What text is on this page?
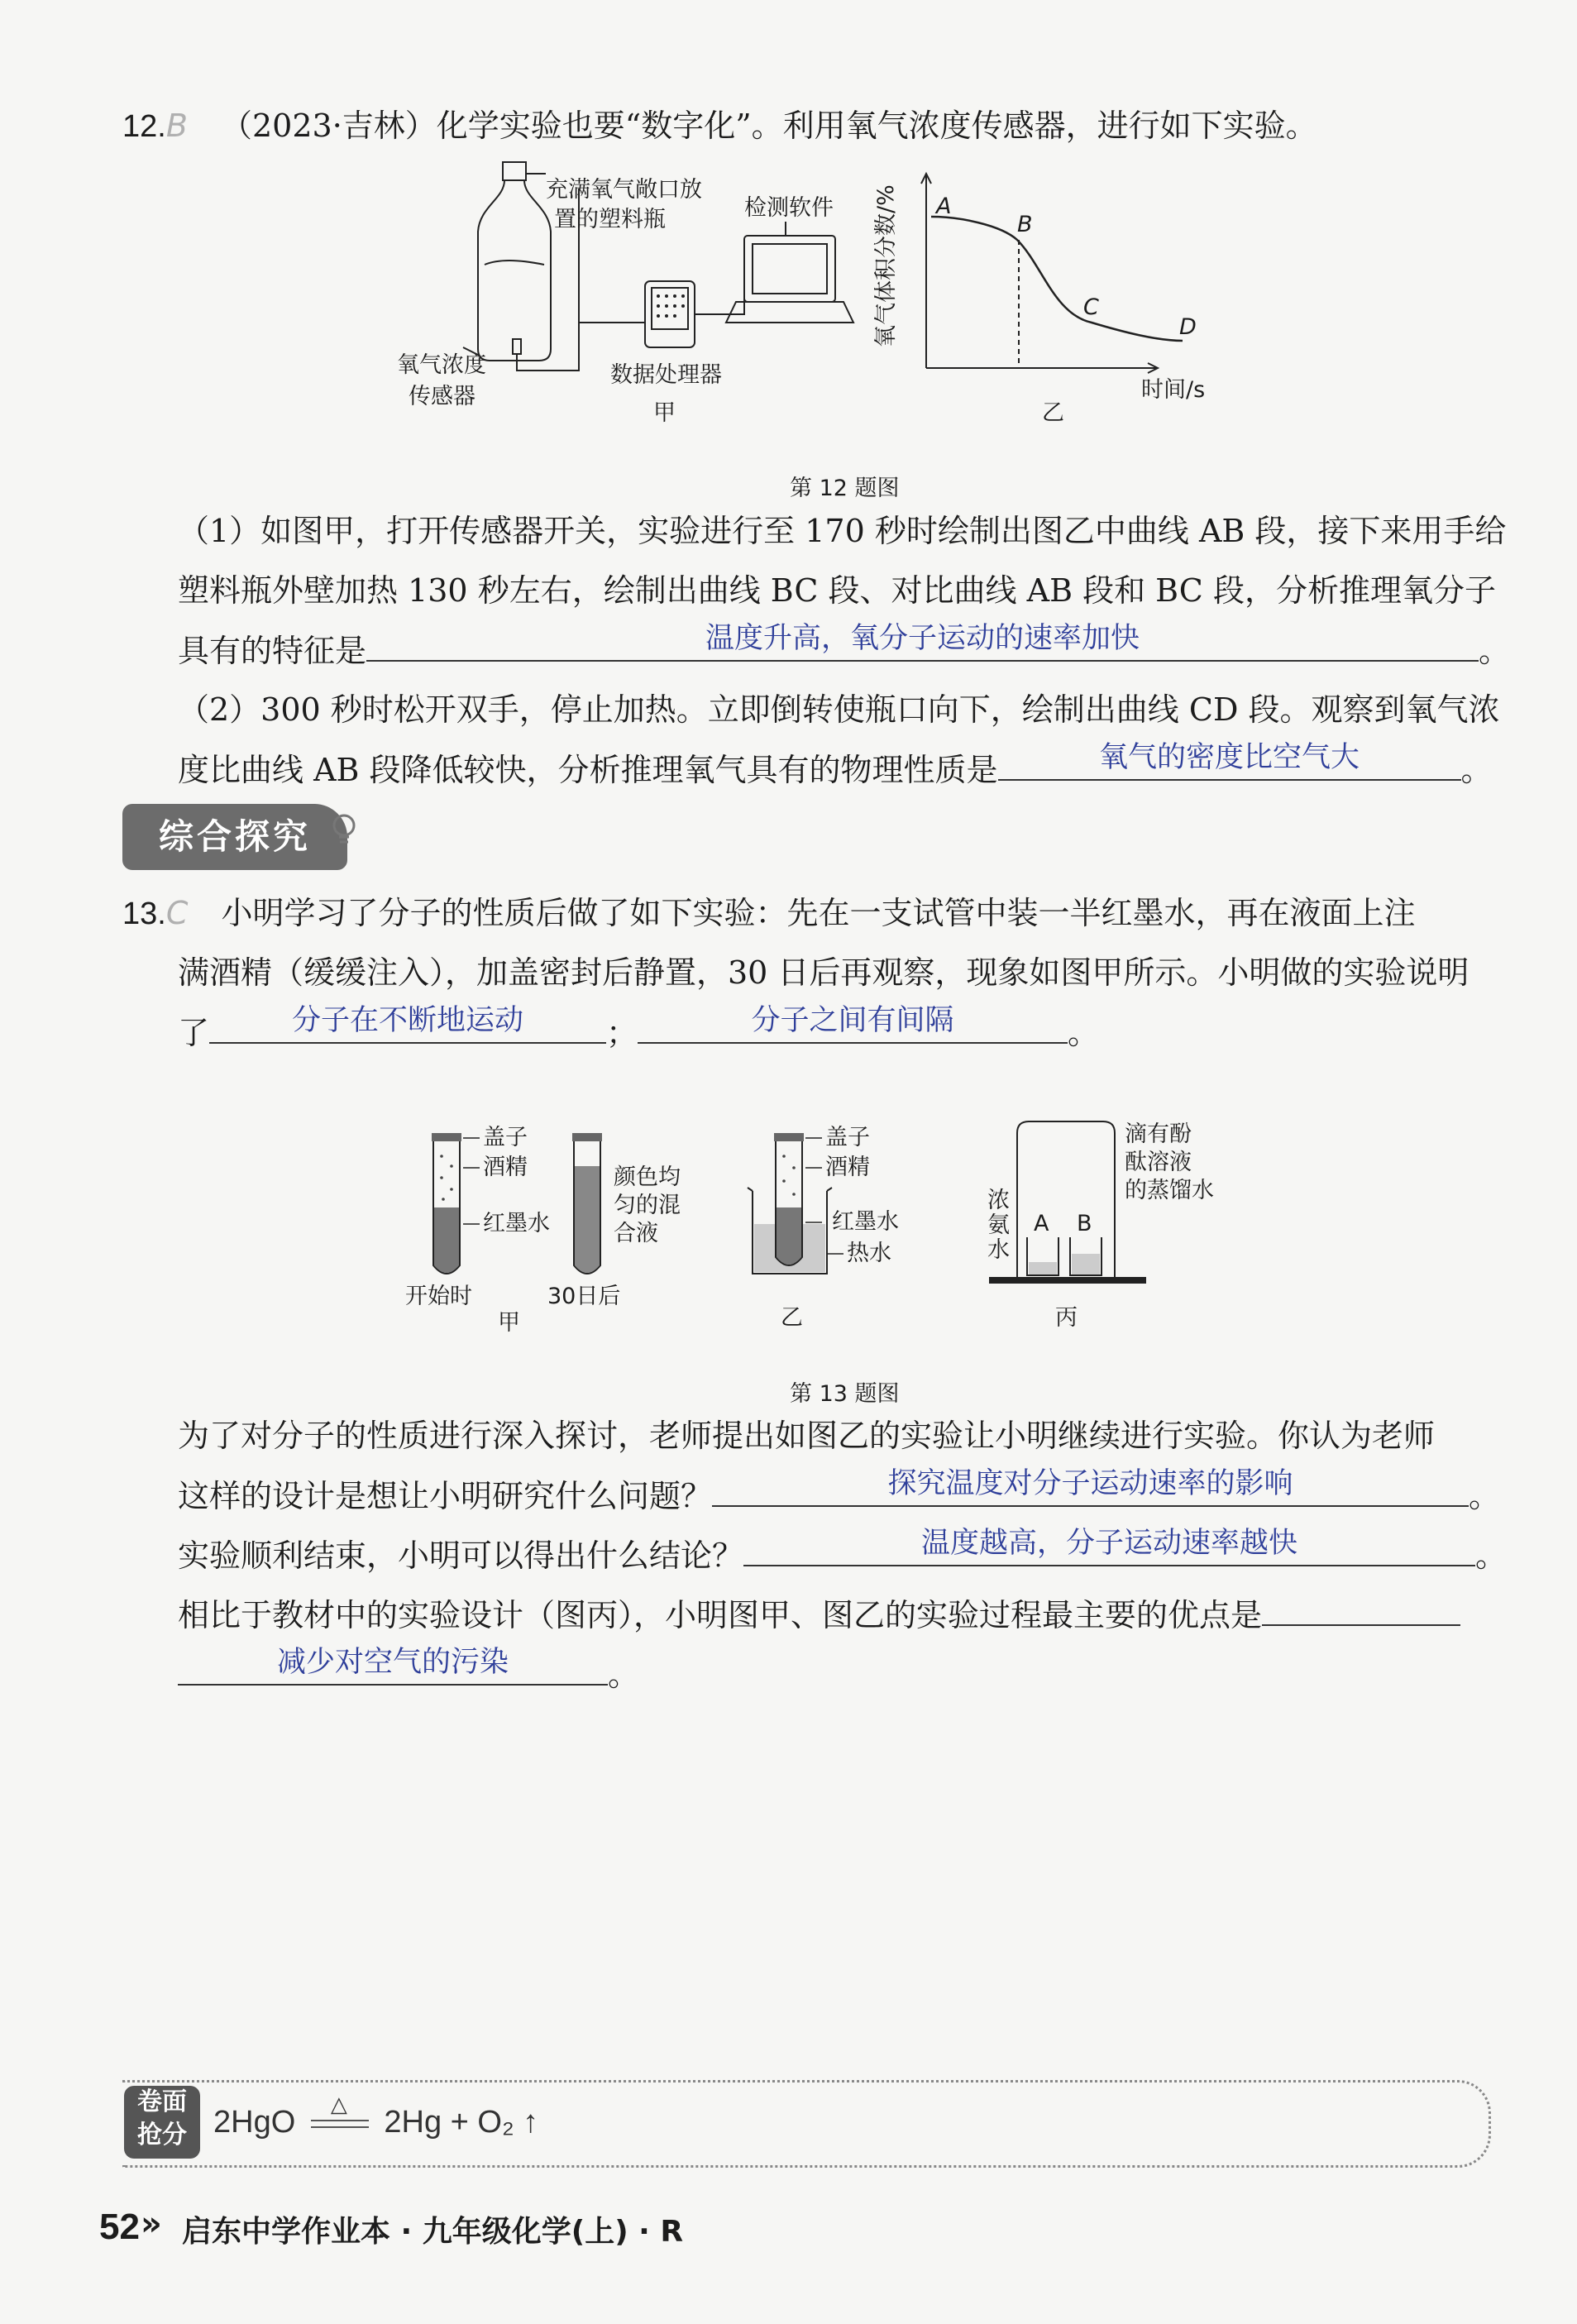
12.B （2023·吉林）化学实验也要“数字化”。利用氧气浓度传感器，进行如下实验。
充满氧气敞口放
置的塑料瓶
氧气浓度
传感器
数据处理器
甲
检测软件 氧气体积分数/%
时间/s
A
B
C
D
乙
第 12 题图
（1）如图甲，打开传感器开关，实验进行至 170 秒时绘制出图乙中曲线 AB 段，接下来用手给
塑料瓶外壁加热 130 秒左右，绘制出曲线 BC 段、对比曲线 AB 段和 BC 段，分析推理氧分子
具有的特征是	温度升高，氧分子运动的速率加快	。
（2）300 秒时松开双手，停止加热。立即倒转使瓶口向下，绘制出曲线 CD 段。观察到氧气浓
度比曲线 AB 段降低较快，分析推理氧气具有的物理性质是	氧气的密度比空气大	。
综合探究
13.C 小明学习了分子的性质后做了如下实验：先在一支试管中装一半红墨水，再在液面上注
满酒精（缓缓注入），加盖密封后静置，30 日后再观察，现象如图甲所示。小明做的实验说明
了	分子在不断地运动	；	分子之间有间隔	。
盖子
酒精
红墨水
颜色均
匀的混
合液
开始时	30日后
甲
盖子
酒精
红墨水
热水
乙
浓
氨
水
A B
滴有酚
酞溶液
的蒸馏水
丙
第 13 题图
为了对分子的性质进行深入探讨，老师提出如图乙的实验让小明继续进行实验。你认为老师
这样的设计是想让小明研究什么问题？	探究温度对分子运动速率的影响	。
实验顺利结束，小明可以得出什么结论？	温度越高，分子运动速率越快	。
相比于教材中的实验设计（图丙），小明图甲、图乙的实验过程最主要的优点是
减少对空气的污染	。
卷面
抢分 2HgO
△
2Hg + O₂ ↑
52 » 启东中学作业本 · 九年级化学(上) · R
